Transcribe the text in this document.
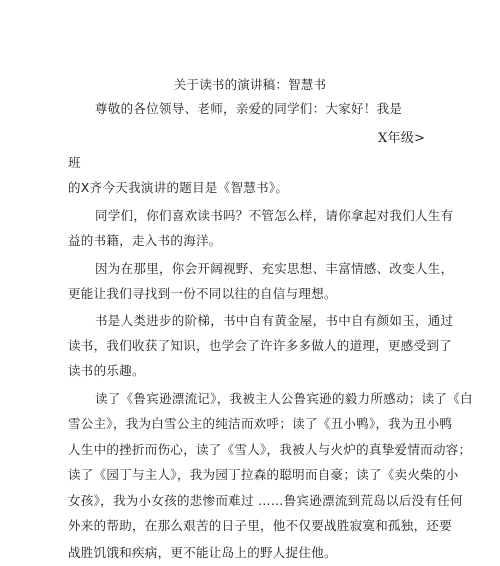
关于读书的演讲稿：智慧书
尊敬的各位领导、老师，亲爱的同学们：大家好！我是
X年级>
班
的X齐今天我演讲的题目是《智慧书》。
同学们，你们喜欢读书吗？不管怎么样，请你拿起对我们人生有
益的书籍，走入书的海洋。
因为在那里，你会开阔视野、充实思想、丰富情感、改变人生，
更能让我们寻找到一份不同以往的自信与理想。
书是人类进步的阶梯，书中自有黄金屋，书中自有颜如玉，通过
读书，我们收获了知识，也学会了许许多多做人的道理，更感受到了
读书的乐趣。
读了《鲁宾逊漂流记》，我被主人公鲁宾逊的毅力所感动；读了《白
雪公主》，我为白雪公主的纯洁而欢呼；读了《丑小鸭》，我为丑小鸭
人生中的挫折而伤心，读了《雪人》，我被人与火炉的真挚爱情而动容；
读了《园丁与主人》，我为园丁拉森的聪明而自豪；读了《卖火柴的小
女孩》，我为小女孩的悲惨而难过 ……鲁宾逊漂流到荒岛以后没有任何
外来的帮助，在那么艰苦的日子里，他不仅要战胜寂寞和孤独，还要
战胜饥饿和疾病，更不能让岛上的野人捉住他。
